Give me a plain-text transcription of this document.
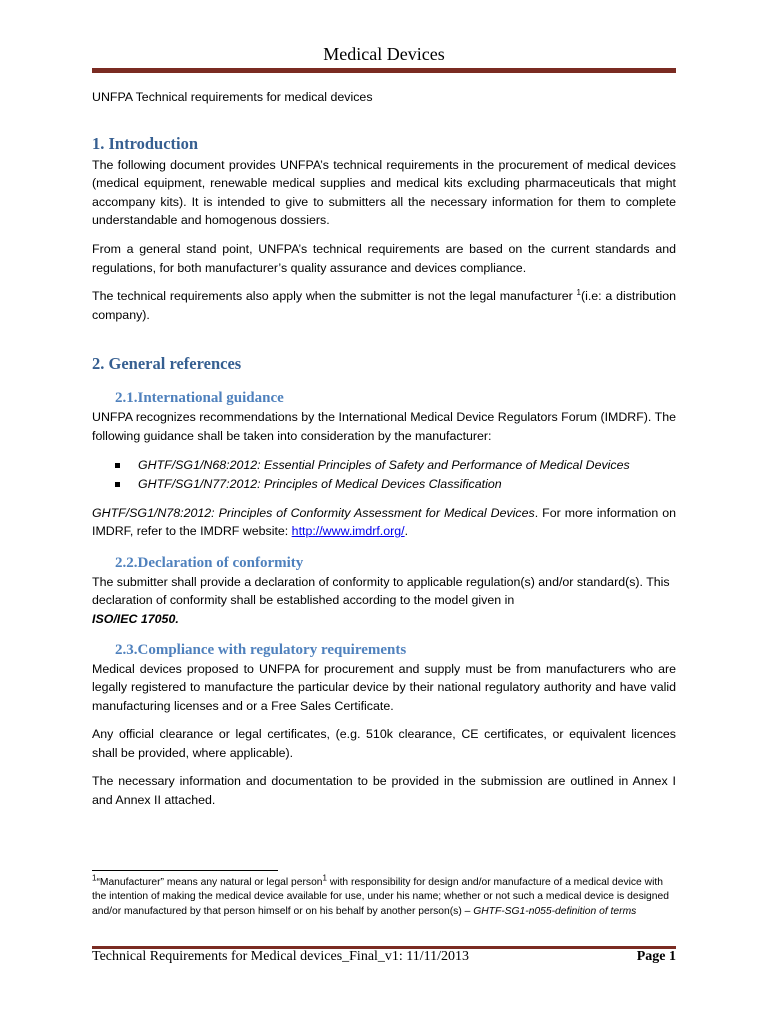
Medical Devices

UNFPA Technical requirements for medical devices

1. Introduction

The following document provides UNFPA’s technical requirements in the procurement of medical devices (medical equipment, renewable medical supplies and medical kits excluding pharmaceuticals that might accompany kits). It is intended to give to submitters all the necessary information for them to complete understandable and homogenous dossiers.

From a general stand point, UNFPA’s technical requirements are based on the current standards and regulations, for both manufacturer’s quality assurance and devices compliance.

The technical requirements also apply when the submitter is not the legal manufacturer $^1$(i.e: a distribution company).

2. General references
2.1.International guidance

UNFPA recognizes recommendations by the International Medical Device Regulators Forum (IMDRF). The following guidance shall be taken into consideration by the manufacturer:

GHTF/SG1/N68:2012: Essential Principles of Safety and Performance of Medical Devices
GHTF/SG1/N77:2012: Principles of Medical Devices Classification

GHTF/SG1/N78:2012: Principles of Conformity Assessment for Medical Devices. For more information on IMDRF, refer to the IMDRF website: http://www.imdrf.org/.

2.2.Declaration of conformity

The submitter shall provide a declaration of conformity to applicable regulation(s) and/or standard(s). This declaration of conformity shall be established according to the model given in
ISO/IEC 17050.

2.3.Compliance with regulatory requirements

Medical devices proposed to UNFPA for procurement and supply must be from manufacturers who are legally registered to manufacture the particular device by their national regulatory authority and have valid manufacturing licenses and or a Free Sales Certificate.

Any official clearance or legal certificates, (e.g. 510k clearance, CE certificates, or equivalent licences shall be provided, where applicable).

The necessary information and documentation to be provided in the submission are outlined in Annex I and Annex II attached.

$^1$“Manufacturer” means any natural or legal person$^1$ with responsibility for design and/or manufacture of a medical device with the intention of making the medical device available for use, under his name; whether or not such a medical device is designed and/or manufactured by that person himself or on his behalf by another person(s) – GHTF-SG1-n055-definition of terms
Technical Requirements for Medical devices_Final_v1: 11/11/2013	Page 1
